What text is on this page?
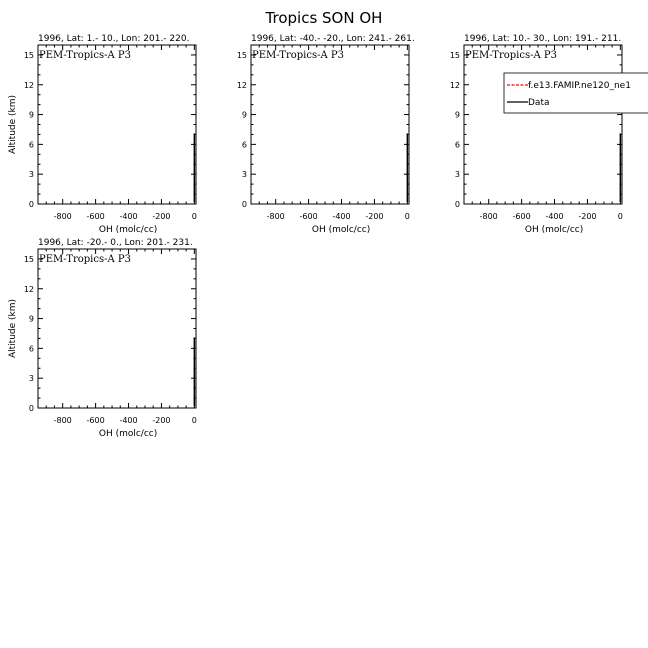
Tropics SON OH
1996, Lat: 1.- 10., Lon: 201.- 220.
PEM-Tropics-A P3
0
3
6
9
12
15
-800 -600 -400 -200	0
OH (molc/cc)
Altitude (km)
1996, Lat: -40.- -20., Lon: 241.- 261.
PEM-Tropics-A P3
0
3
6
9
12
15
-800 -600 -400 -200	0
OH (molc/cc)
1996, Lat: 10.- 30., Lon: 191.- 211.
PEM-Tropics-A P3
0
3
6
9
12
15
-800 -600 -400 -200	0
OH (molc/cc)
f.e13.FAMIP.ne120_ne1
Data
1996, Lat: -20.- 0., Lon: 201.- 231.
PEM-Tropics-A P3
0
3
6
9
12
15
-800 -600 -400 -200	0
OH (molc/cc)
Altitude (km)
